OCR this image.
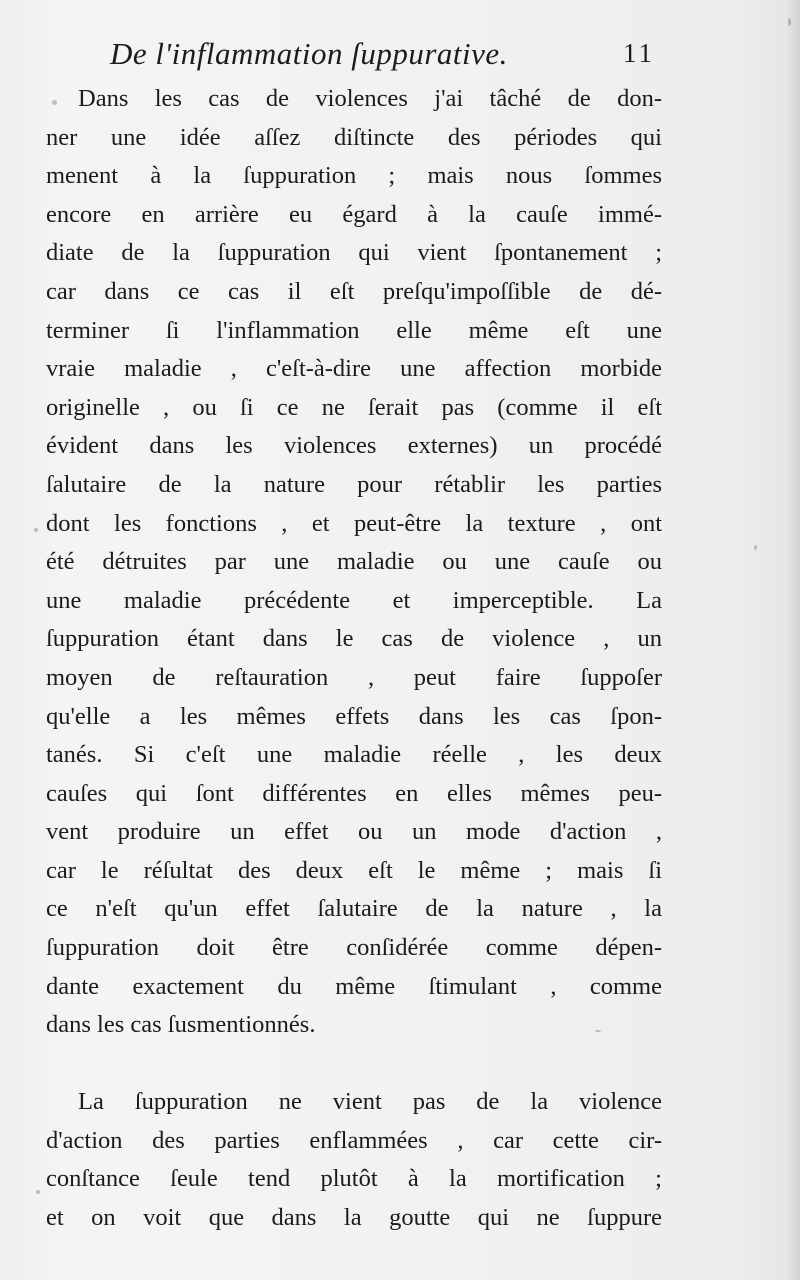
De l'inflammation ſuppurative.	11
Dans les cas de violences j'ai tâché de don-
ner une idée aſſez diſtincte des périodes qui
menent à la ſuppuration ; mais nous ſommes
encore en arrière eu égard à la cauſe immé-
diate de la ſuppuration qui vient ſpontanement ;
car dans ce cas il eſt preſqu'impoſſible de dé-
terminer ſi l'inflammation elle même eſt une
vraie maladie , c'eſt-à-dire une affection morbide
originelle , ou ſi ce ne ſerait pas (comme il eſt
évident dans les violences externes) un procédé
ſalutaire de la nature pour rétablir les parties
dont les fonctions , et peut-être la texture , ont
été détruites par une maladie ou une cauſe ou
une maladie précédente et imperceptible. La
ſuppuration étant dans le cas de violence , un
moyen de reſtauration , peut faire ſuppoſer
qu'elle a les mêmes effets dans les cas ſpon-
tanés. Si c'eſt une maladie réelle , les deux
cauſes qui ſont différentes en elles mêmes peu-
vent produire un effet ou un mode d'action ,
car le réſultat des deux eſt le même ; mais ſi
ce n'eſt qu'un effet ſalutaire de la nature , la
ſuppuration doit être conſidérée comme dépen-
dante exactement du même ſtimulant , comme
dans les cas ſusmentionnés.
La ſuppuration ne vient pas de la violence
d'action des parties enflammées , car cette cir-
conſtance ſeule tend plutôt à la mortification ;
et on voit que dans la goutte qui ne ſuppure
